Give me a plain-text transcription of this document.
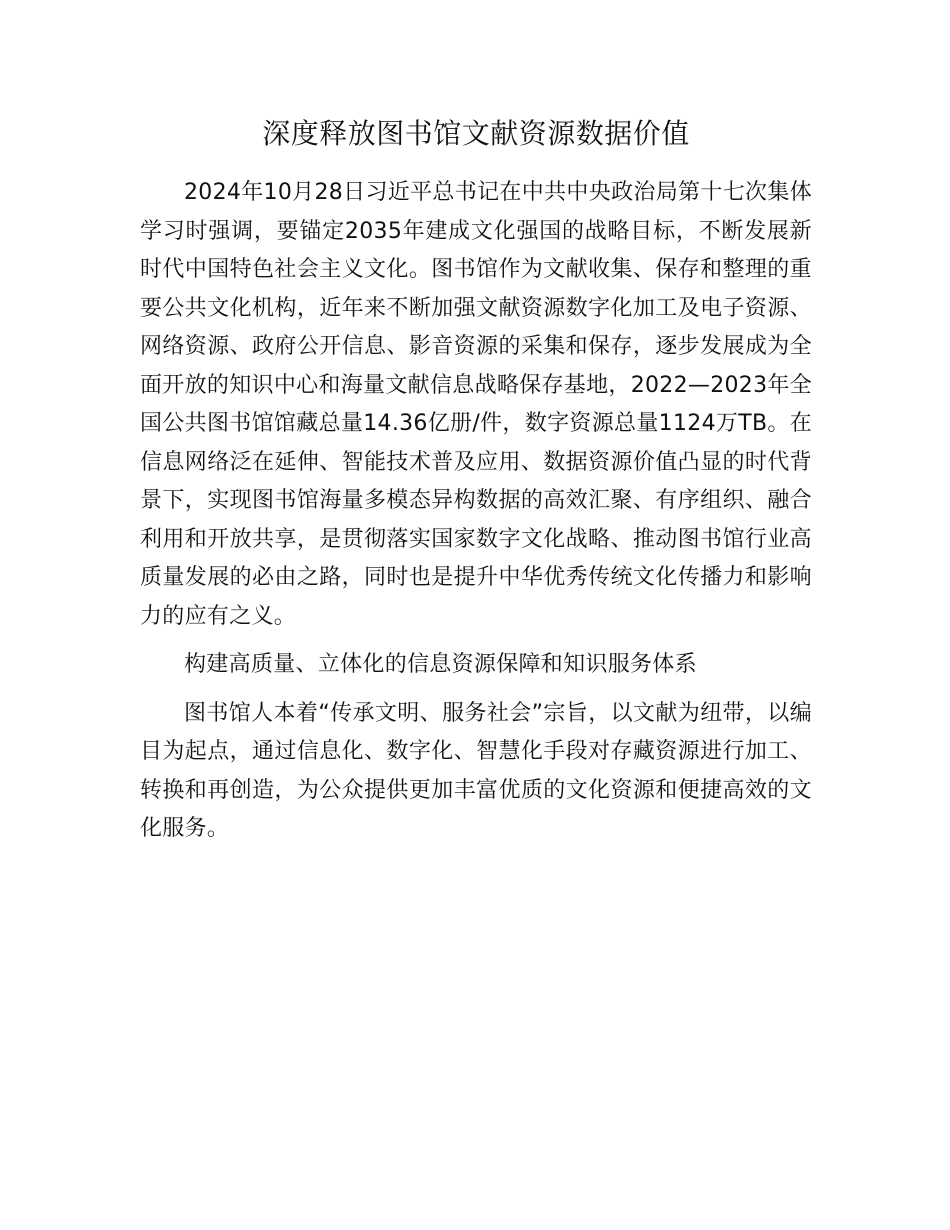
深度释放图书馆文献资源数据价值

2024年10月28日习近平总书记在中共中央政治局第十七次集体学习时强调，要锚定2035年建成文化强国的战略目标，不断发展新时代中国特色社会主义文化。图书馆作为文献收集、保存和整理的重要公共文化机构，近年来不断加强文献资源数字化加工及电子资源、网络资源、政府公开信息、影音资源的采集和保存，逐步发展成为全面开放的知识中心和海量文献信息战略保存基地，2022—2023年全国公共图书馆馆藏总量14.36亿册/件，数字资源总量1124万TB。在信息网络泛在延伸、智能技术普及应用、数据资源价值凸显的时代背景下，实现图书馆海量多模态异构数据的高效汇聚、有序组织、融合利用和开放共享，是贯彻落实国家数字文化战略、推动图书馆行业高质量发展的必由之路，同时也是提升中华优秀传统文化传播力和影响力的应有之义。

构建高质量、立体化的信息资源保障和知识服务体系

图书馆人本着“传承文明、服务社会”宗旨，以文献为纽带，以编目为起点，通过信息化、数字化、智慧化手段对存藏资源进行加工、转换和再创造，为公众提供更加丰富优质的文化资源和便捷高效的文化服务。
